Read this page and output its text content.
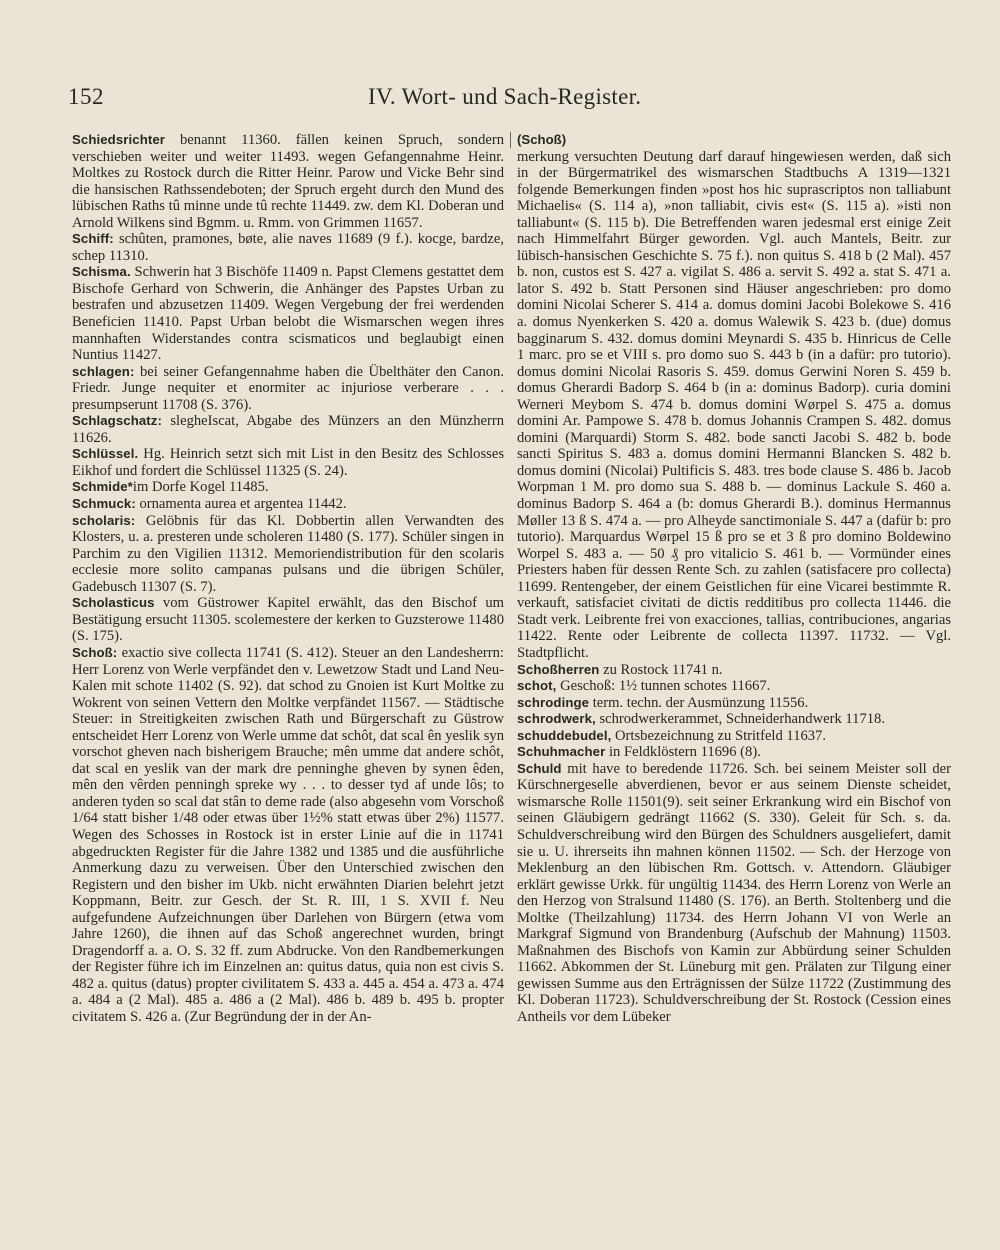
152	IV. Wort- und Sach-Register.

Schiedsrichter benannt 11360. fällen keinen Spruch, sondern verschieben weiter und weiter 11493. wegen Gefangennahme Heinr. Moltkes zu Rostock durch die Ritter Heinr. Parow und Vicke Behr sind die hansischen Rathssendeboten; der Spruch ergeht durch den Mund des lübischen Raths tû minne unde tû rechte 11449. zw. dem Kl. Doberan und Arnold Wilkens sind Bgmm. u. Rmm. von Grimmen 11657.

Schiff: schûten, pramones, bøte, alie naves 11689 (9 f.). kocge, bardze, schep 11310.

Schisma. Schwerin hat 3 Bischöfe 11409 n. Papst Clemens gestattet dem Bischofe Gerhard von Schwerin, die Anhänger des Papstes Urban zu bestrafen und abzusetzen 11409. Wegen Vergebung der frei werdenden Beneficien 11410. Papst Urban belobt die Wismarschen wegen ihres mannhaften Widerstandes contra scismaticos und beglaubigt einen Nuntius 11427.

schlagen: bei seiner Gefangennahme haben die Übelthäter den Canon. Friedr. Junge nequiter et enormiter ac injuriose verberare . . . presumpserunt 11708 (S. 376).

Schlagschatz: slegheIscat, Abgabe des Münzers an den Münzherrn 11626.

Schlüssel. Hg. Heinrich setzt sich mit List in den Besitz des Schlosses Eikhof und fordert die Schlüssel 11325 (S. 24).

Schmide*im Dorfe Kogel 11485.

Schmuck: ornamenta aurea et argentea 11442.

scholaris: Gelöbnis für das Kl. Dobbertin allen Verwandten des Klosters, u. a. presteren unde scholeren 11480 (S. 177). Schüler singen in Parchim zu den Vigilien 11312. Memoriendistribution für den scolaris ecclesie more solito campanas pulsans und die übrigen Schüler, Gadebusch 11307 (S. 7).

Scholasticus vom Güstrower Kapitel erwählt, das den Bischof um Bestätigung ersucht 11305. scolemestere der kerken to Guzsterowe 11480 (S. 175).

Schoß: exactio sive collecta 11741 (S. 412). Steuer an den Landesherrn: Herr Lorenz von Werle verpfändet den v. Lewetzow Stadt und Land Neu-Kalen mit schote 11402 (S. 92). dat schod zu Gnoien ist Kurt Moltke zu Wokrent von seinen Vettern den Moltke verpfändet 11567. — Städtische Steuer: in Streitigkeiten zwischen Rath und Bürgerschaft zu Güstrow entscheidet Herr Lorenz von Werle umme dat schôt, dat scal ên yeslik syn vorschot gheven nach bisherigem Brauche; mên umme dat andere schôt, dat scal en yeslik van der mark dre penninghe gheven by synen êden, mên den vêrden penningh spreke wy . . . to desser tyd af unde lôs; to anderen tyden so scal dat stân to deme rade (also abgesehn vom Vorschoß 1/64 statt bisher 1/48 oder etwas über 1½% statt etwas über 2%) 11577. Wegen des Schosses in Rostock ist in erster Linie auf die in 11741 abgedruckten Register für die Jahre 1382 und 1385 und die ausführliche Anmerkung dazu zu verweisen. Über den Unterschied zwischen den Registern und den bisher im Ukb. nicht erwähnten Diarien belehrt jetzt Koppmann, Beitr. zur Gesch. der St. R. III, 1 S. XVII f. Neu aufgefundene Aufzeichnungen über Darlehen von Bürgern (etwa vom Jahre 1260), die ihnen auf das Schoß angerechnet wurden, bringt Dragendorff a. a. O. S. 32 ff. zum Abdrucke. Von den Randbemerkungen der Register führe ich im Einzelnen an: quitus datus, quia non est civis S. 482 a. quitus (datus) propter civilitatem S. 433 a. 445 a. 454 a. 473 a. 474 a. 484 a (2 Mal). 485 a. 486 a (2 Mal). 486 b. 489 b. 495 b. propter civitatem S. 426 a. (Zur Begründung der in der An-

(Schoß)

merkung versuchten Deutung darf darauf hingewiesen werden, daß sich in der Bürgermatrikel des wismarschen Stadtbuchs A 1319—1321 folgende Bemerkungen finden »post hos hic suprascriptos non talliabunt Michaelis« (S. 114 a), »non talliabit, civis est« (S. 115 a). »isti non talliabunt« (S. 115 b). Die Betreffenden waren jedesmal erst einige Zeit nach Himmelfahrt Bürger geworden. Vgl. auch Mantels, Beitr. zur lübisch-hansischen Geschichte S. 75 f.). non quitus S. 418 b (2 Mal). 457 b. non, custos est S. 427 a. vigilat S. 486 a. servit S. 492 a. stat S. 471 a. lator S. 492 b. Statt Personen sind Häuser angeschrieben: pro domo domini Nicolai Scherer S. 414 a. domus domini Jacobi Bolekowe S. 416 a. domus Nyenkerken S. 420 a. domus Walewik S. 423 b. (due) domus bagginarum S. 432. domus domini Meynardi S. 435 b. Hinricus de Celle 1 marc. pro se et VIII s. pro domo suo S. 443 b (in a dafür: pro tutorio). domus domini Nicolai Rasoris S. 459. domus Gerwini Noren S. 459 b. domus Gherardi Badorp S. 464 b (in a: dominus Badorp). curia domini Werneri Meybom S. 474 b. domus domini Wørpel S. 475 a. domus domini Ar. Pampowe S. 478 b. domus Johannis Crampen S. 482. domus domini (Marquardi) Storm S. 482. bode sancti Jacobi S. 482 b. bode sancti Spiritus S. 483 a. domus domini Hermanni Blancken S. 482 b. domus domini (Nicolai) Pultificis S. 483. tres bode clause S. 486 b. Jacob Worpman 1 M. pro domo sua S. 488 b. — dominus Lackule S. 460 a. dominus Badorp S. 464 a (b: domus Gherardi B.). dominus Hermannus Møller 13 ß S. 474 a. — pro Alheyde sanctimoniale S. 447 a (dafür b: pro tutorio). Marquardus Wørpel 15 ß pro se et 3 ß pro domino Boldewino Worpel S. 483 a. — 50 ₰ pro vitalicio S. 461 b. — Vormünder eines Priesters haben für dessen Rente Sch. zu zahlen (satisfacere pro collecta) 11699. Rentengeber, der einem Geistlichen für eine Vicarei bestimmte R. verkauft, satisfaciet civitati de dictis redditibus pro collecta 11446. die Stadt verk. Leibrente frei von exacciones, tallias, contribuciones, angarias 11422. Rente oder Leibrente de collecta 11397. 11732. — Vgl. Stadtpflicht.

Schoßherren zu Rostock 11741 n.

schot, Geschoß: 1½ tunnen schotes 11667.

schrodinge term. techn. der Ausmünzung 11556.

schrodwerk, schrodwerkerammet, Schneiderhandwerk 11718.

schuddebudel, Ortsbezeichnung zu Stritfeld 11637.

Schuhmacher in Feldklöstern 11696 (8).

Schuld mit have to beredende 11726. Sch. bei seinem Meister soll der Kürschnergeselle abverdienen, bevor er aus seinem Dienste scheidet, wismarsche Rolle 11501(9). seit seiner Erkrankung wird ein Bischof von seinen Gläubigern gedrängt 11662 (S. 330). Geleit für Sch. s. da. Schuldverschreibung wird den Bürgen des Schuldners ausgeliefert, damit sie u. U. ihrerseits ihn mahnen können 11502. — Sch. der Herzoge von Meklenburg an den lübischen Rm. Gottsch. v. Attendorn. Gläubiger erklärt gewisse Urkk. für ungültig 11434. des Herrn Lorenz von Werle an den Herzog von Stralsund 11480 (S. 176). an Berth. Stoltenberg und die Moltke (Theilzahlung) 11734. des Herrn Johann VI von Werle an Markgraf Sigmund von Brandenburg (Aufschub der Mahnung) 11503. Maßnahmen des Bischofs von Kamin zur Abbürdung seiner Schulden 11662. Abkommen der St. Lüneburg mit gen. Prälaten zur Tilgung einer gewissen Summe aus den Erträgnissen der Sülze 11722 (Zustimmung des Kl. Doberan 11723). Schuldverschreibung der St. Rostock (Cession eines Antheils vor dem Lübeker
